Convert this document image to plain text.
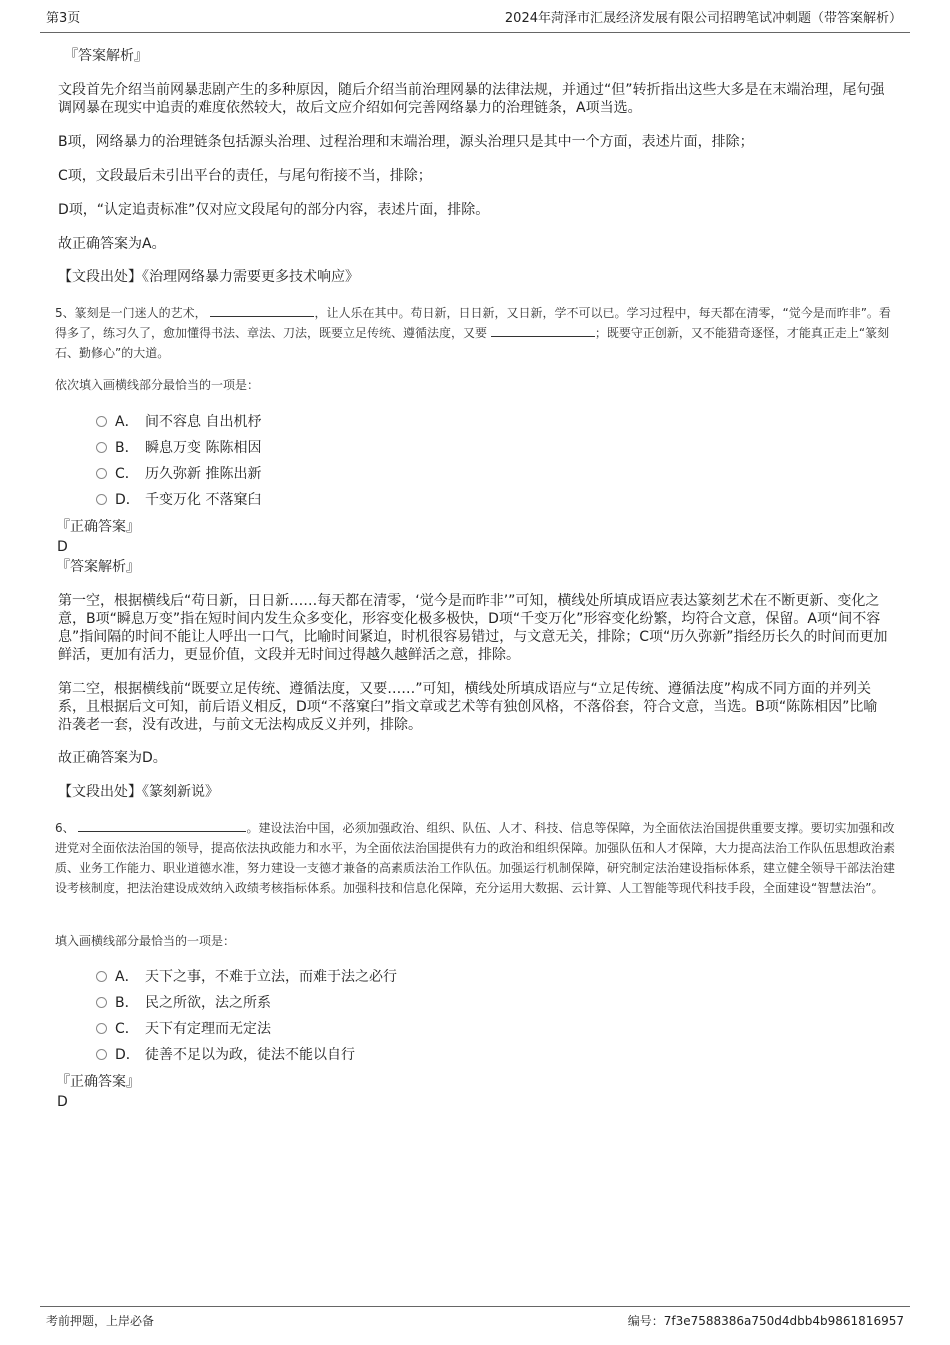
第3页	2024年菏泽市汇晟经济发展有限公司招聘笔试冲刺题（带答案解析）
『答案解析』
文段首先介绍当前网暴悲剧产生的多种原因，随后介绍当前治理网暴的法律法规，并通过“但”转折指出这些大多是在末端治理，尾句强调网暴在现实中追责的难度依然较大，故后文应介绍如何完善网络暴力的治理链条，A项当选。
B项，网络暴力的治理链条包括源头治理、过程治理和末端治理，源头治理只是其中一个方面，表述片面，排除；
C项，文段最后未引出平台的责任，与尾句衔接不当，排除；
D项，“认定追责标准”仅对应文段尾句的部分内容，表述片面，排除。
故正确答案为A。
【文段出处】《治理网络暴力需要更多技术响应》
5、篆刻是一门迷人的艺术，	，让人乐在其中。苟日新，日日新，又日新，学不可以已。学习过程中，每天都在清零，“觉今是而昨非”。看得多了，练习久了，愈加懂得书法、章法、刀法，既要立足传统、遵循法度，又要	；既要守正创新，又不能猎奇逐怪，才能真正走上“篆刻石、勤修心”的大道。
依次填入画横线部分最恰当的一项是：
A． 间不容息 自出机杼
B． 瞬息万变 陈陈相因
C． 历久弥新 推陈出新
D． 千变万化 不落窠臼
『正确答案』
D
『答案解析』
第一空，根据横线后“苟日新，日日新……每天都在清零，‘觉今是而昨非’”可知，横线处所填成语应表达篆刻艺术在不断更新、变化之意，B项“瞬息万变”指在短时间内发生众多变化，形容变化极多极快，D项“千变万化”形容变化纷繁，均符合文意，保留。A项“间不容息”指间隔的时间不能让人呼出一口气，比喻时间紧迫，时机很容易错过，与文意无关，排除；C项“历久弥新”指经历长久的时间而更加鲜活，更加有活力，更显价值，文段并无时间过得越久越鲜活之意，排除。
第二空，根据横线前“既要立足传统、遵循法度，又要……”可知，横线处所填成语应与“立足传统、遵循法度”构成不同方面的并列关系，且根据后文可知，前后语义相反，D项“不落窠臼”指文章或艺术等有独创风格，不落俗套，符合文意，当选。B项“陈陈相因”比喻沿袭老一套，没有改进，与前文无法构成反义并列，排除。
故正确答案为D。
【文段出处】《篆刻新说》
6、	。建设法治中国，必须加强政治、组织、队伍、人才、科技、信息等保障，为全面依法治国提供重要支撑。要切实加强和改进党对全面依法治国的领导，提高依法执政能力和水平，为全面依法治国提供有力的政治和组织保障。加强队伍和人才保障，大力提高法治工作队伍思想政治素质、业务工作能力、职业道德水准，努力建设一支德才兼备的高素质法治工作队伍。加强运行机制保障，研究制定法治建设指标体系，建立健全领导干部法治建设考核制度，把法治建设成效纳入政绩考核指标体系。加强科技和信息化保障，充分运用大数据、云计算、人工智能等现代科技手段，全面建设“智慧法治”。
填入画横线部分最恰当的一项是：
A． 天下之事，不难于立法，而难于法之必行
B． 民之所欲，法之所系
C． 天下有定理而无定法
D． 徒善不足以为政，徒法不能以自行
『正确答案』
D
考前押题，上岸必备	编号：7f3e7588386a750d4dbb4b9861816957
